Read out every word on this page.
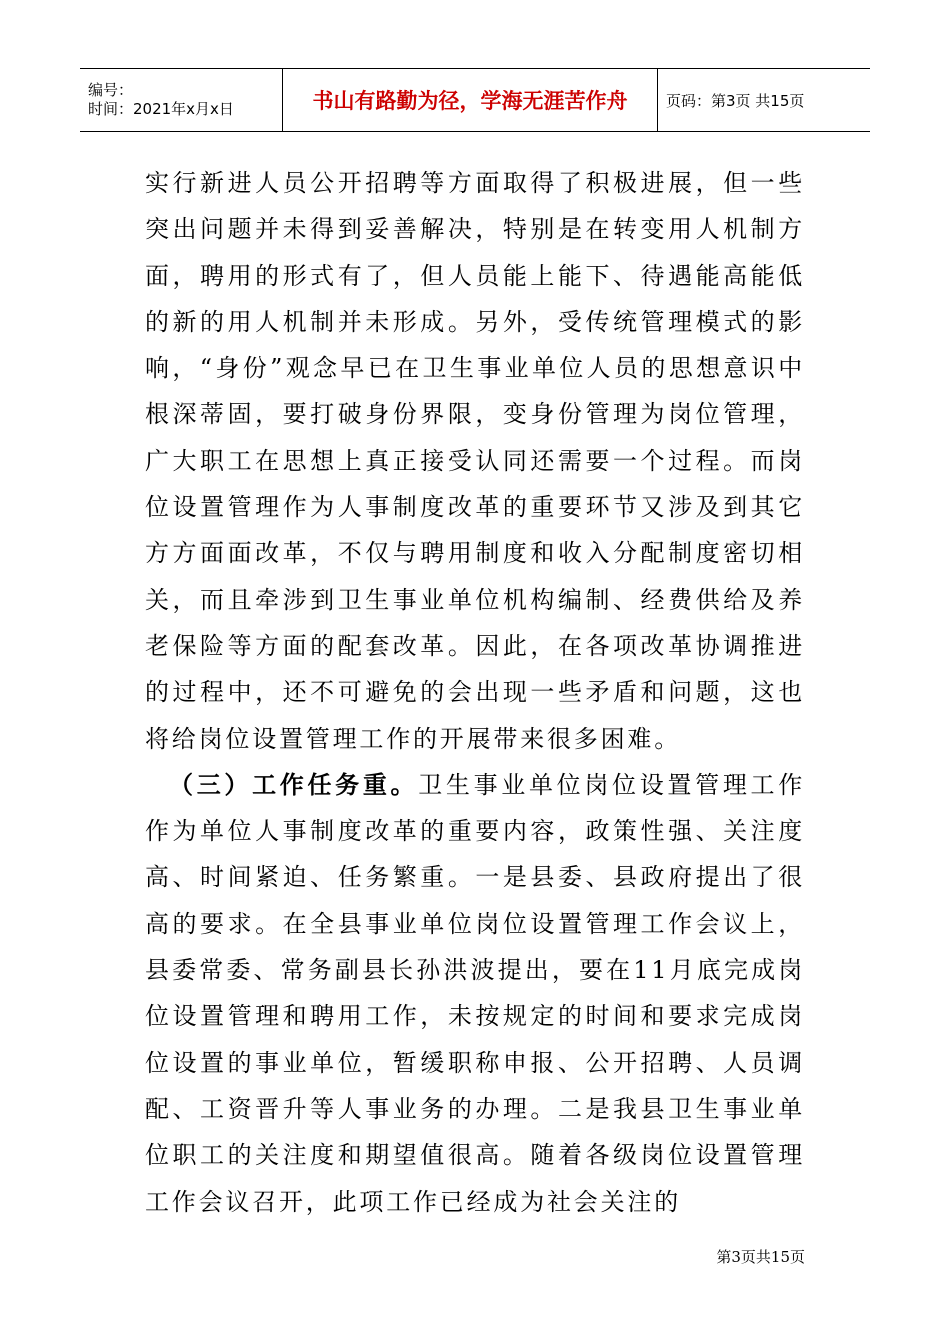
编号：
时间：2021年x月x日	书山有路勤为径，学海无涯苦作舟	页码：第3页 共15页

实行新进人员公开招聘等方面取得了积极进展，但一些突出问题并未得到妥善解决，特别是在转变用人机制方面，聘用的形式有了，但人员能上能下、待遇能高能低的新的用人机制并未形成。另外，受传统管理模式的影响，“身份”观念早已在卫生事业单位人员的思想意识中根深蒂固，要打破身份界限，变身份管理为岗位管理，广大职工在思想上真正接受认同还需要一个过程。而岗位设置管理作为人事制度改革的重要环节又涉及到其它方方面面改革，不仅与聘用制度和收入分配制度密切相关，而且牵涉到卫生事业单位机构编制、经费供给及养老保险等方面的配套改革。因此，在各项改革协调推进的过程中，还不可避免的会出现一些矛盾和问题，这也将给岗位设置管理工作的开展带来很多困难。

（三）工作任务重。卫生事业单位岗位设置管理工作作为单位人事制度改革的重要内容，政策性强、关注度高、时间紧迫、任务繁重。一是县委、县政府提出了很高的要求。在全县事业单位岗位设置管理工作会议上，县委常委、常务副县长孙洪波提出，要在11月底完成岗位设置管理和聘用工作，未按规定的时间和要求完成岗位设置的事业单位，暂缓职称申报、公开招聘、人员调配、工资晋升等人事业务的办理。二是我县卫生事业单位职工的关注度和期望值很高。随着各级岗位设置管理工作会议召开，此项工作已经成为社会关注的

第3页共15页
